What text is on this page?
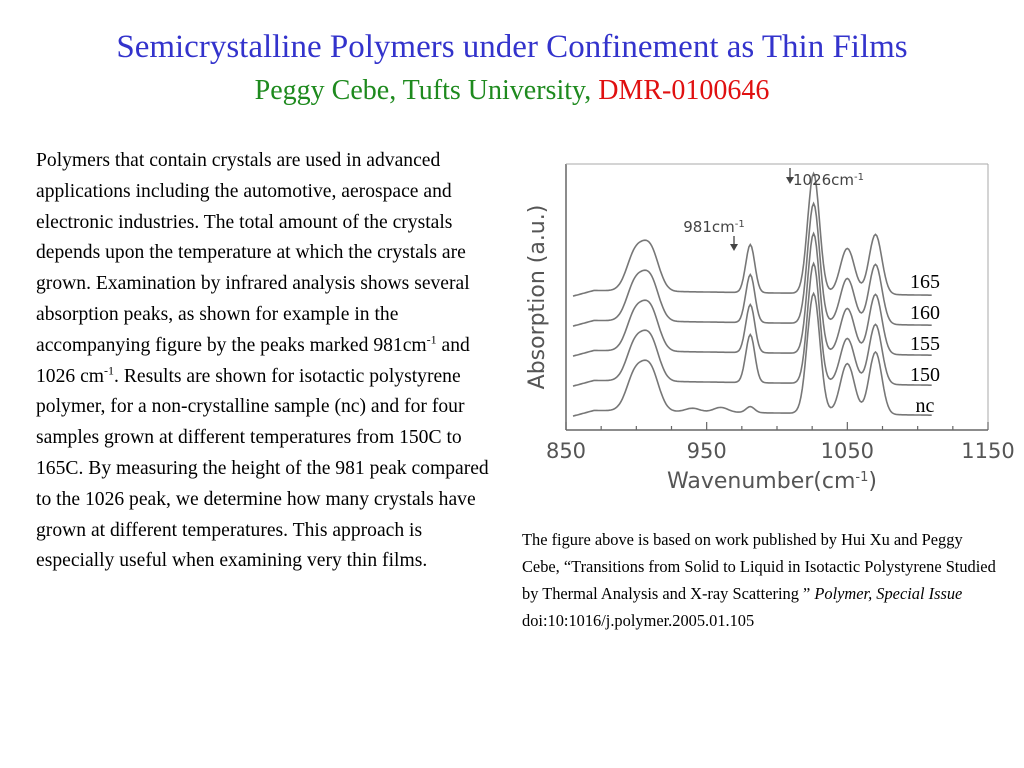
Semicrystalline Polymers under Confinement as Thin Films
Peggy Cebe, Tufts University, DMR-0100646
Polymers that contain crystals are used in advanced applications including the automotive, aerospace and electronic industries. The total amount of the crystals depends upon the temperature at which the crystals are grown. Examination by infrared analysis shows several absorption peaks, as shown for example in the accompanying figure by the peaks marked $981cm^{-1}$ and 1026 $cm^{-1}$. Results are shown for isotactic polystyrene polymer, for a non-crystalline sample (nc) and for four samples grown at different temperatures from 150C to 165C. By measuring the height of the 981 peak compared to the 1026 peak, we determine how many crystals have grown at different temperatures. This approach is especially useful when examining very thin films.
850	950	1050	1150
165
160
155
150
nc
Absorption (a.u.)
$Wavenumber(cm^{-1})$
$981cm^{-1}$
$1026cm^{-1}$
The figure above is based on work published by Hui Xu and Peggy Cebe, “Transitions from Solid to Liquid in Isotactic Polystyrene Studied by Thermal Analysis and X-ray Scattering ” Polymer, Special Issue doi:10:1016/j.polymer.2005.01.105
